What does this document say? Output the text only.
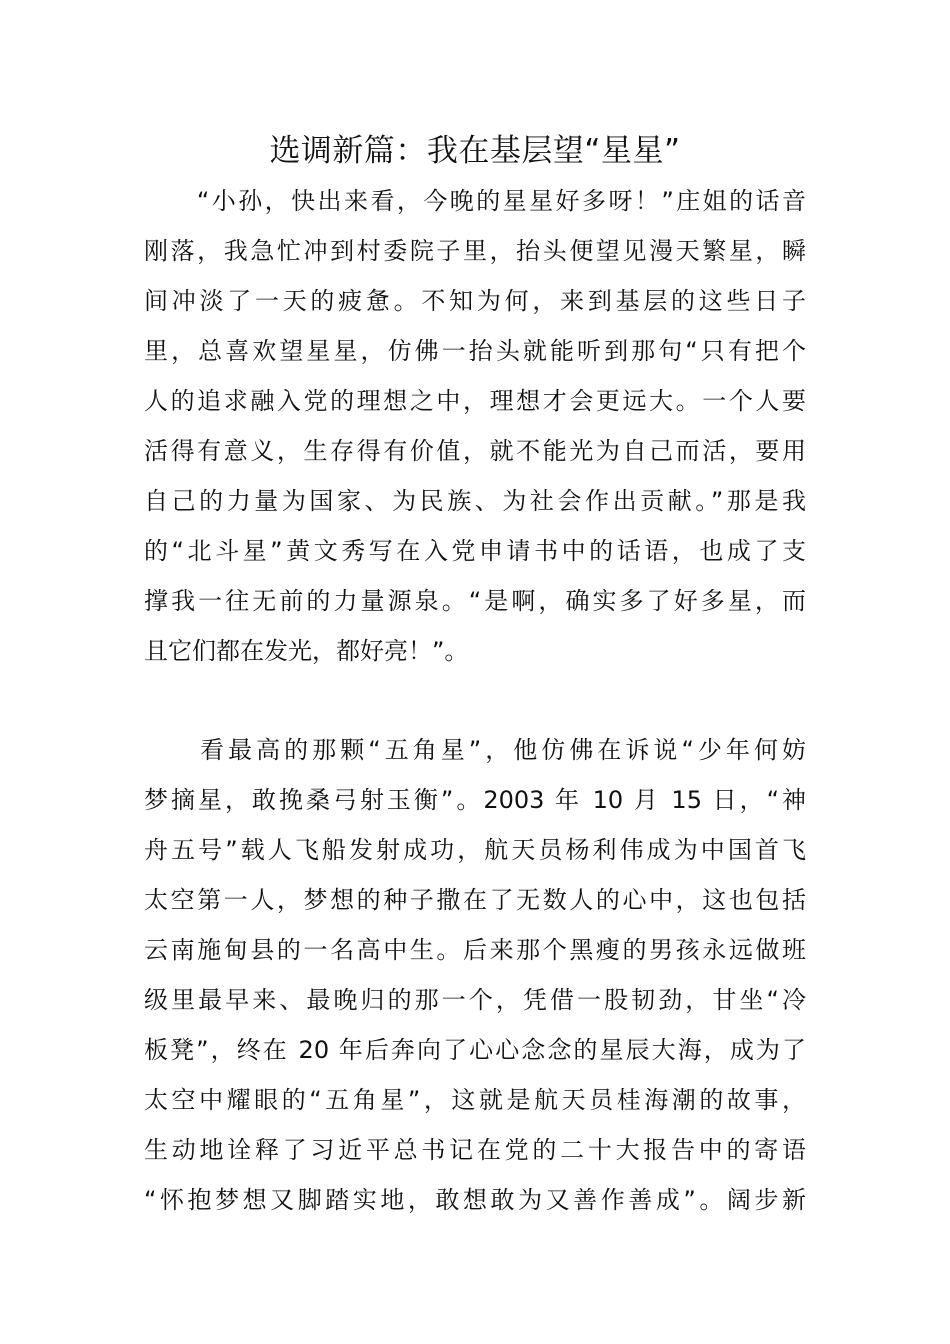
选调新篇：我在基层望“星星”
　　“小孙，快出来看，今晚的星星好多呀！”庄姐的话音
刚落，我急忙冲到村委院子里，抬头便望见漫天繁星，瞬
间冲淡了一天的疲惫。不知为何，来到基层的这些日子
里，总喜欢望星星，仿佛一抬头就能听到那句“只有把个
人的追求融入党的理想之中，理想才会更远大。一个人要
活得有意义，生存得有价值，就不能光为自己而活，要用
自己的力量为国家、为民族、为社会作出贡献。”那是我
的“北斗星”黄文秀写在入党申请书中的话语，也成了支
撑我一往无前的力量源泉。“是啊，确实多了好多星，而
且它们都在发光，都好亮！”。
　　看最高的那颗“五角星”，他仿佛在诉说“少年何妨
梦摘星，敢挽桑弓射玉衡”。2003 年 10 月 15 日，“神
舟五号”载人飞船发射成功，航天员杨利伟成为中国首飞
太空第一人，梦想的种子撒在了无数人的心中，这也包括
云南施甸县的一名高中生。后来那个黑瘦的男孩永远做班
级里最早来、最晚归的那一个，凭借一股韧劲，甘坐“冷
板凳”，终在 20 年后奔向了心心念念的星辰大海，成为了
太空中耀眼的“五角星”，这就是航天员桂海潮的故事，
生动地诠释了习近平总书记在党的二十大报告中的寄语
“怀抱梦想又脚踏实地，敢想敢为又善作善成”。阔步新
